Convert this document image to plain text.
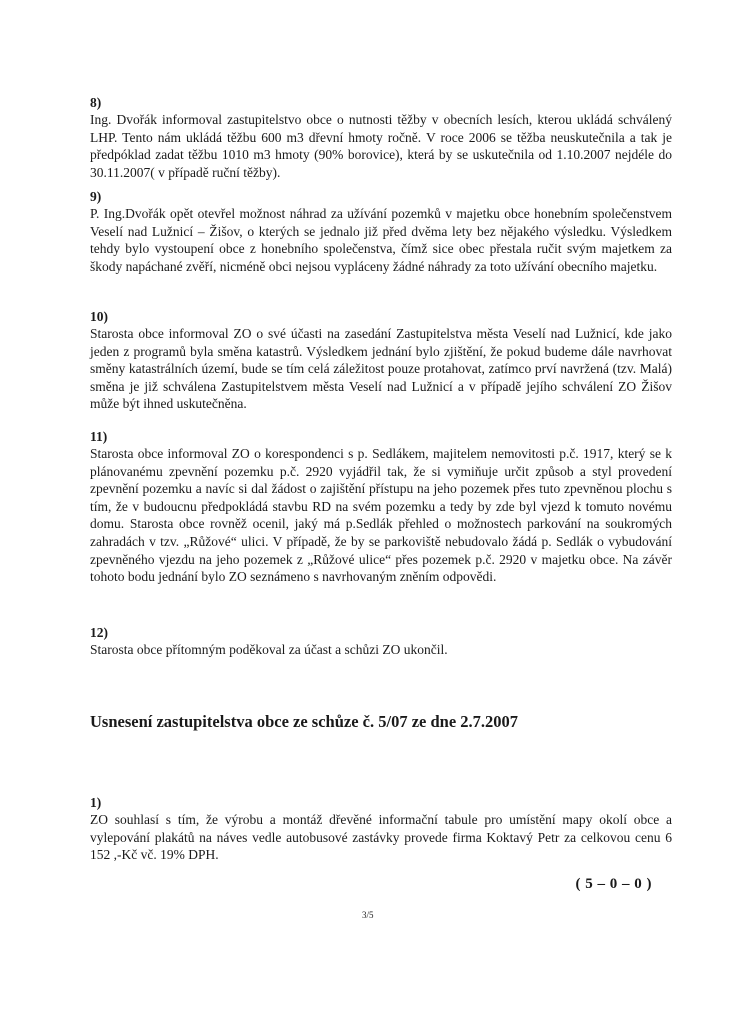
8)
Ing. Dvořák informoval zastupitelstvo obce o nutnosti těžby v obecních lesích, kterou ukládá schválený LHP. Tento nám ukládá těžbu 600 m3 dřevní hmoty ročně. V roce 2006 se těžba neuskutečnila a tak je předpóklad zadat těžbu 1010 m3 hmoty (90% borovice), která by se uskutečnila od 1.10.2007 nejdéle do 30.11.2007( v případě ruční těžby).
9)
P. Ing.Dvořák opět otevřel možnost náhrad za užívání pozemků v majetku obce honebním společenstvem Veselí nad Lužnicí – Žišov, o kterých se jednalo již před dvěma lety bez nějakého výsledku. Výsledkem tehdy bylo vystoupení obce z honebního společenstva, čímž sice obec přestala ručit svým majetkem za škody napáchané zvěří, nicméně obci nejsou vypláceny žádné náhrady za toto užívání obecního majetku.
10)
Starosta obce informoval ZO o své účasti na zasedání Zastupitelstva města Veselí nad Lužnicí, kde jako jeden z programů byla směna katastrů. Výsledkem jednání bylo zjištění, že pokud budeme dále navrhovat směny katastrálních území, bude se tím celá záležitost pouze protahovat, zatímco prví navržená (tzv. Malá) směna je již schválena Zastupitelstvem města Veselí nad Lužnicí a v případě jejího schválení ZO Žišov může být ihned uskutečněna.
11)
Starosta obce informoval ZO o korespondenci s p. Sedlákem, majitelem nemovitosti p.č. 1917, který se k plánovanému zpevnění pozemku p.č. 2920 vyjádřil tak, že si vymiňuje určit způsob a styl provedení zpevnění pozemku a navíc si dal žádost o zajištění přístupu na jeho pozemek přes tuto zpevněnou plochu s tím, že v budoucnu předpokládá stavbu RD na svém pozemku a tedy by zde byl vjezd k tomuto novému domu. Starosta obce rovněž ocenil, jaký má p.Sedlák přehled o možnostech parkování na soukromých zahradách v tzv. „Růžové“ ulici. V případě, že by se parkoviště nebudovalo žádá p. Sedlák o vybudování zpevněného vjezdu na jeho pozemek z „Růžové ulice“ přes pozemek p.č. 2920 v majetku obce. Na závěr tohoto bodu jednání bylo ZO seznámeno s navrhovaným zněním odpovědi.
12)
Starosta obce přítomným poděkoval za účast a schůzi ZO ukončil.
Usnesení zastupitelstva obce ze schůze č. 5/07 ze dne 2.7.2007
1)
ZO souhlasí s tím, že výrobu a montáž dřevěné informační tabule pro umístění mapy okolí obce a vylepování plakátů na náves vedle autobusové zastávky provede firma Koktavý Petr za celkovou cenu 6 152 ,-Kč vč. 19% DPH.
( 5 – 0 – 0 )
3/5
